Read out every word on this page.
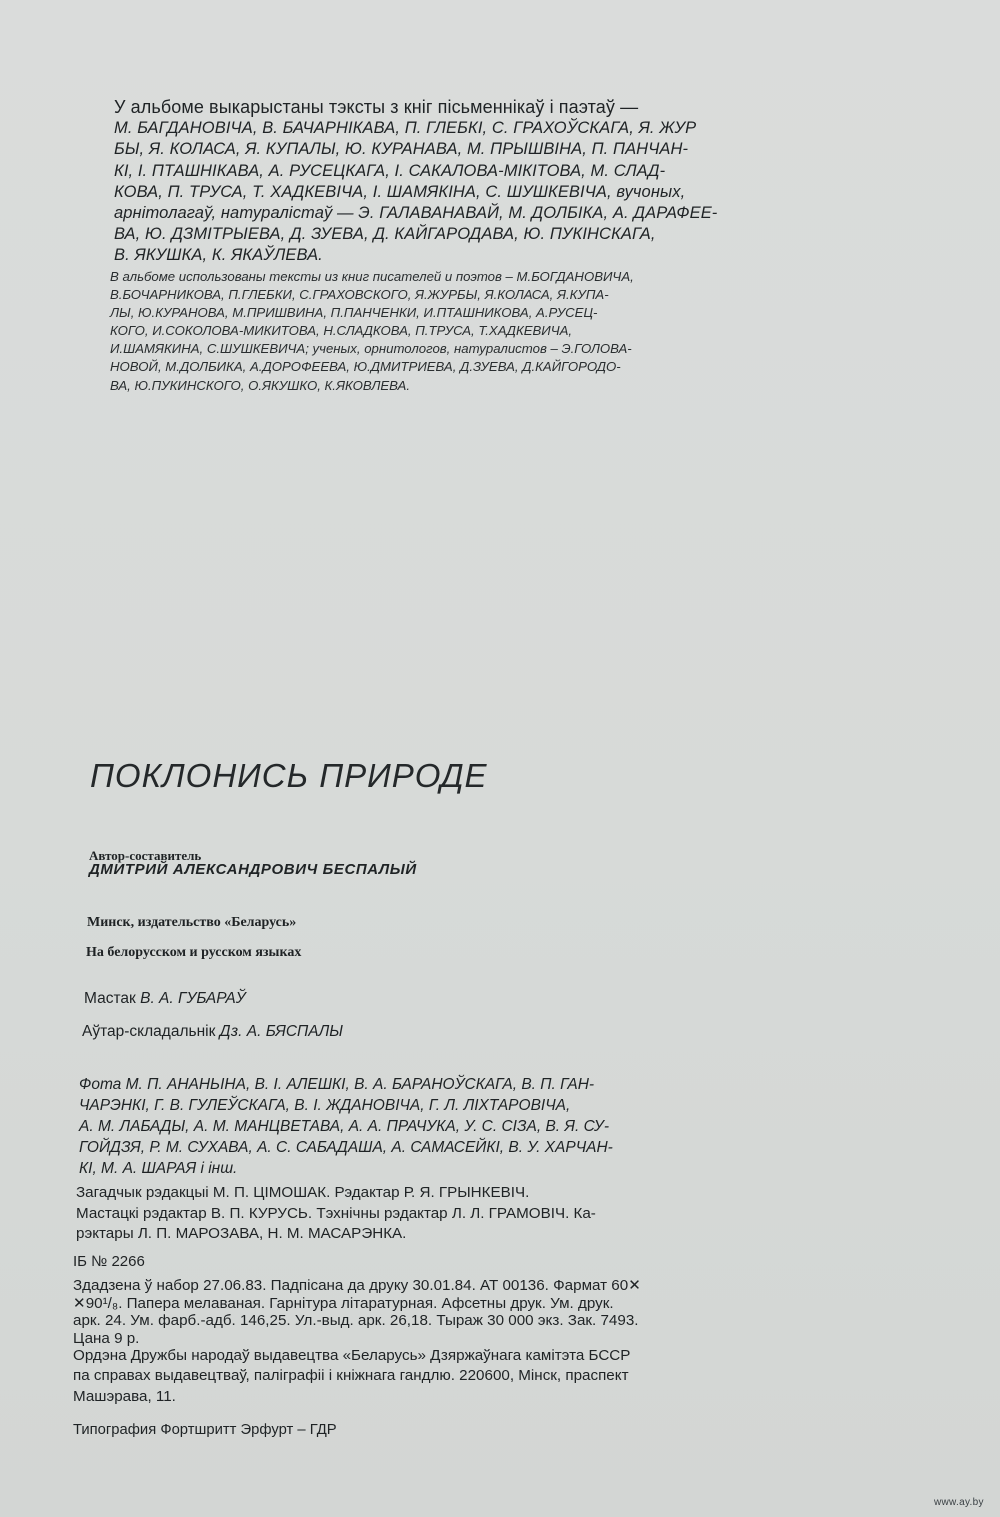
У альбоме выкарыстаны тэксты з кніг пісьменнікаў і паэтаў —
М. БАГДАНОВІЧА, В. БАЧАРНІКАВА, П. ГЛЕБКІ, С. ГРАХОЎСКАГА, Я. ЖУР
БЫ, Я. КОЛАСА, Я. КУПАЛЫ, Ю. КУРАНАВА, М. ПРЫШВІНА, П. ПАНЧАН-
КІ, І. ПТАШНІКАВА, А. РУСЕЦКАГА, І. САКАЛОВА-МІКІТОВА, М. СЛАД-
КОВА, П. ТРУСА, Т. ХАДКЕВІЧА, І. ШАМЯКІНА, С. ШУШКЕВІЧА, вучоных,
арнітолагаў, натуралістаў — Э. ГАЛАВАНАВАЙ, М. ДОЛБІКА, А. ДАРАФЕЕ-
ВА, Ю. ДЗМІТРЫЕВА, Д. ЗУЕВА, Д. КАЙГАРОДАВА, Ю. ПУКІНСКАГА,
В. ЯКУШКА, К. ЯКАЎЛЕВА.
В альбоме использованы тексты из книг писателей и поэтов – М.БОГДАНОВИЧА,
В.БОЧАРНИКОВА, П.ГЛЕБКИ, С.ГРАХОВСКОГО, Я.ЖУРБЫ, Я.КОЛАСА, Я.КУПА-
ЛЫ, Ю.КУРАНОВА, М.ПРИШВИНА, П.ПАНЧЕНКИ, И.ПТАШНИКОВА, А.РУСЕЦ-
КОГО, И.СОКОЛОВА-МИКИТОВА, Н.СЛАДКОВА, П.ТРУСА, Т.ХАДКЕВИЧА,
И.ШАМЯКИНА, С.ШУШКЕВИЧА; ученых, орнитологов, натуралистов – Э.ГОЛОВА-
НОВОЙ, М.ДОЛБИКА, А.ДОРОФЕЕВА, Ю.ДМИТРИЕВА, Д.ЗУЕВА, Д.КАЙГОРОДО-
ВА, Ю.ПУКИНСКОГО, О.ЯКУШКО, К.ЯКОВЛЕВА.
ПОКЛОНИСЬ ПРИРОДЕ
Автор-составитель
ДМИТРИЙ АЛЕКСАНДРОВИЧ БЕСПАЛЫЙ
Минск, издательство «Беларусь»
На белорусском и русском языках
Мастак В. А. ГУБАРАЎ
Аўтар-складальнік Дз. А. БЯСПАЛЫ
Фота М. П. АНАНЬІНА, В. І. АЛЕШКІ, В. А. БАРАНОЎСКАГА, В. П. ГАН-
ЧАРЭНКІ, Г. В. ГУЛЕЎСКАГА, В. І. ЖДАНОВІЧА, Г. Л. ЛІХТАРОВІЧА,
А. М. ЛАБАДЫ, А. М. МАНЦВЕТАВА, А. А. ПРАЧУКА, У. С. СІЗА, В. Я. СУ-
ГОЙДЗЯ, Р. М. СУХАВА, А. С. САБАДАША, А. САМАСЕЙКІ, В. У. ХАРЧАН-
КІ, М. А. ШАРАЯ і інш.
Загадчык рэдакцыі М. П. ЦІМОШАК. Рэдактар Р. Я. ГРЫНКЕВІЧ.
Мастацкі рэдактар В. П. КУРУСЬ. Тэхнічны рэдактар Л. Л. ГРАМОВІЧ. Ка-
рэктары Л. П. МАРОЗАВА, Н. М. МАСАРЭНКА.
ІБ № 2266
Здадзена ў набор 27.06.83. Падпісана да друку 30.01.84. АТ 00136. Фармат 60✕
✕90¹/₈. Папера мелаваная. Гарнітура літаратурная. Афсетны друк. Ум. друк.
арк. 24. Ум. фарб.-адб. 146,25. Ул.-выд. арк. 26,18. Тыраж 30 000 экз. Зак. 7493.
Цана 9 р.
Ордэна Дружбы народаў выдавецтва «Беларусь» Дзяржаўнага камітэта БССР
па справах выдавецтваў, паліграфіі і кніжнага гандлю. 220600, Мінск, праспект
Машэрава, 11.
Типография Фортшритт Эрфурт – ГДР
www.ay.by
